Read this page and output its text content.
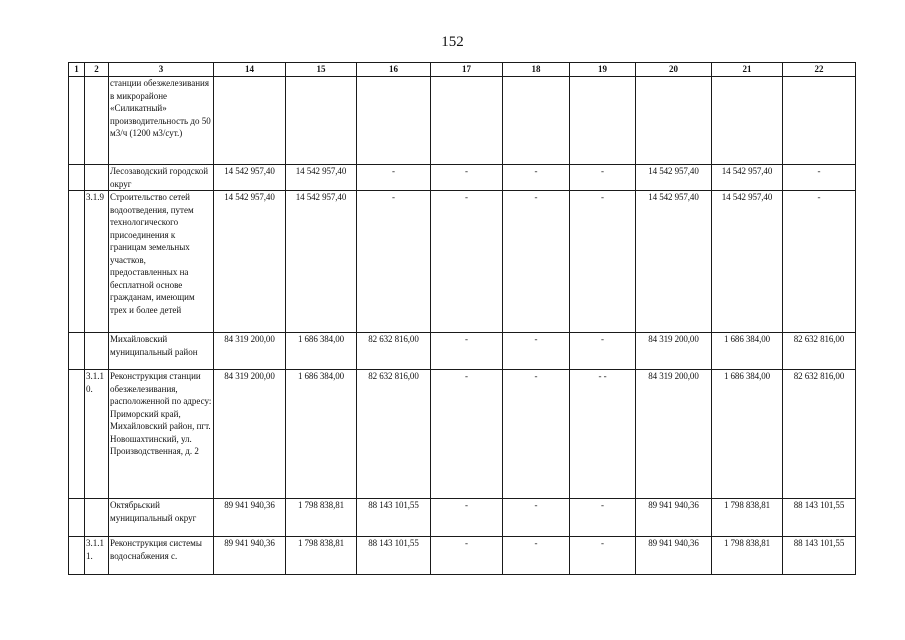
152
1	2	3	14	15	16	17	18	19	20	21	22
		станции обезжелезивания в микрорайоне «Силикатный» производительность до 50 м3/ч (1200 м3/сут.)									
		Лесозаводский городской округ	14 542 957,40	14 542 957,40	-	-	-	-	14 542 957,40	14 542 957,40	-
	3.1.9	Строительство сетей водоотведения, путем технологического присоединения к границам земельных участков, предоставленных на бесплатной основе гражданам, имеющим трех и более детей	14 542 957,40	14 542 957,40	-	-	-	-	14 542 957,40	14 542 957,40	-
		Михайловский муниципальный район	84 319 200,00	1 686 384,00	82 632 816,00	-	-	-	84 319 200,00	1 686 384,00	82 632 816,00
	3.1.10.	Реконструкция станции обезжелезивания, расположенной по адресу: Приморский край, Михайловский район, пгт. Новошахтинский, ул. Производственная, д. 2	84 319 200,00	1 686 384,00	82 632 816,00	-	-	- -	84 319 200,00	1 686 384,00	82 632 816,00
		Октябрьский муниципальный округ	89 941 940,36	1 798 838,81	88 143 101,55	-	-	-	89 941 940,36	1 798 838,81	88 143 101,55
	3.1.11.	Реконструкция системы водоснабжения с.	89 941 940,36	1 798 838,81	88 143 101,55	-	-	-	89 941 940,36	1 798 838,81	88 143 101,55
